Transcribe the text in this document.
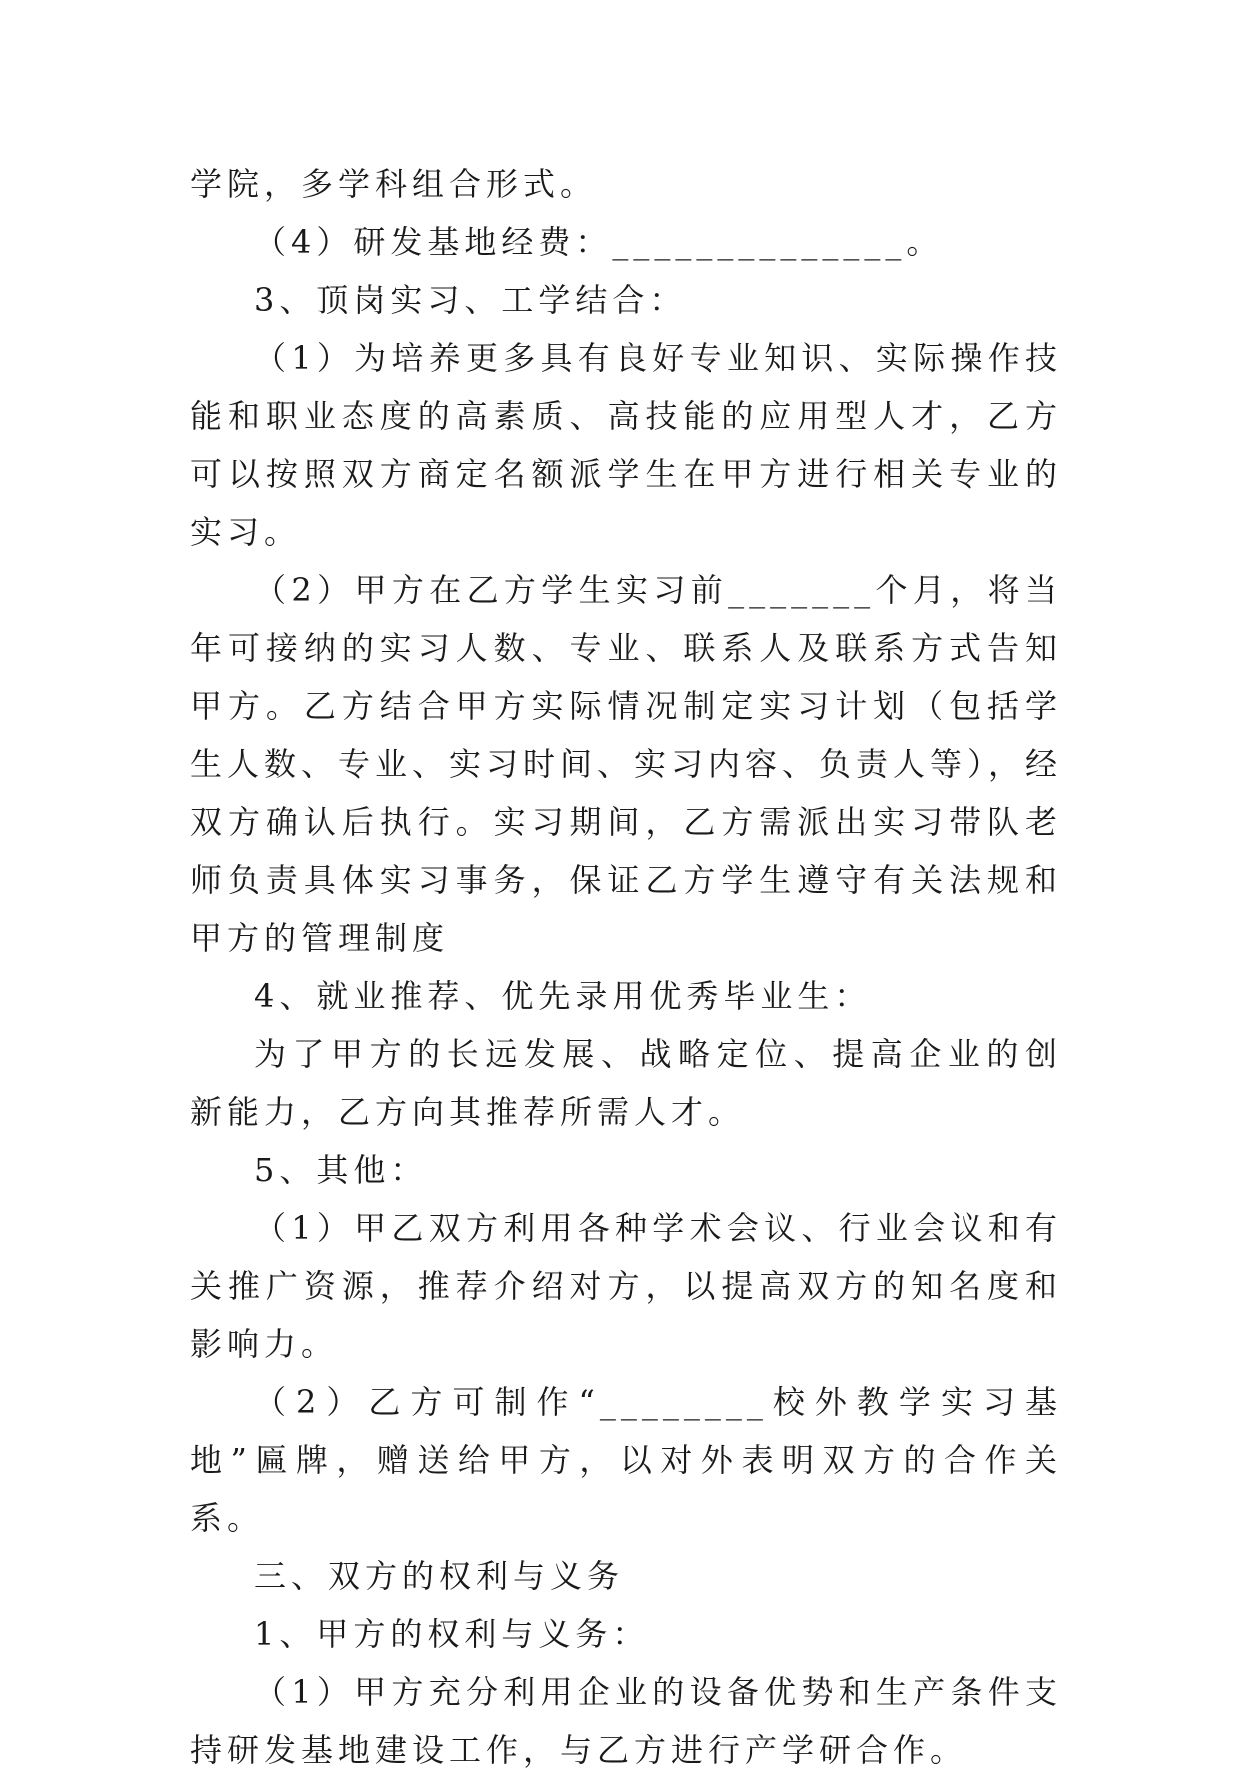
学院，多学科组合形式。

（4）研发基地经费：______________。

3、顶岗实习、工学结合：

（1）为培养更多具有良好专业知识、实际操作技能和职业态度的高素质、高技能的应用型人才，乙方可以按照双方商定名额派学生在甲方进行相关专业的实习。

（2）甲方在乙方学生实习前_______个月，将当年可接纳的实习人数、专业、联系人及联系方式告知甲方。乙方结合甲方实际情况制定实习计划（包括学生人数、专业、实习时间、实习内容、负责人等），经双方确认后执行。实习期间，乙方需派出实习带队老师负责具体实习事务，保证乙方学生遵守有关法规和甲方的管理制度

4、就业推荐、优先录用优秀毕业生：

为了甲方的长远发展、战略定位、提高企业的创新能力，乙方向其推荐所需人才。

5、其他：

（1）甲乙双方利用各种学术会议、行业会议和有关推广资源，推荐介绍对方，以提高双方的知名度和影响力。

（2）乙方可制作“________校外教学实习基地”匾牌，赠送给甲方，以对外表明双方的合作关系。

三、双方的权利与义务

1、甲方的权利与义务：

（1）甲方充分利用企业的设备优势和生产条件支持研发基地建设工作，与乙方进行产学研合作。
